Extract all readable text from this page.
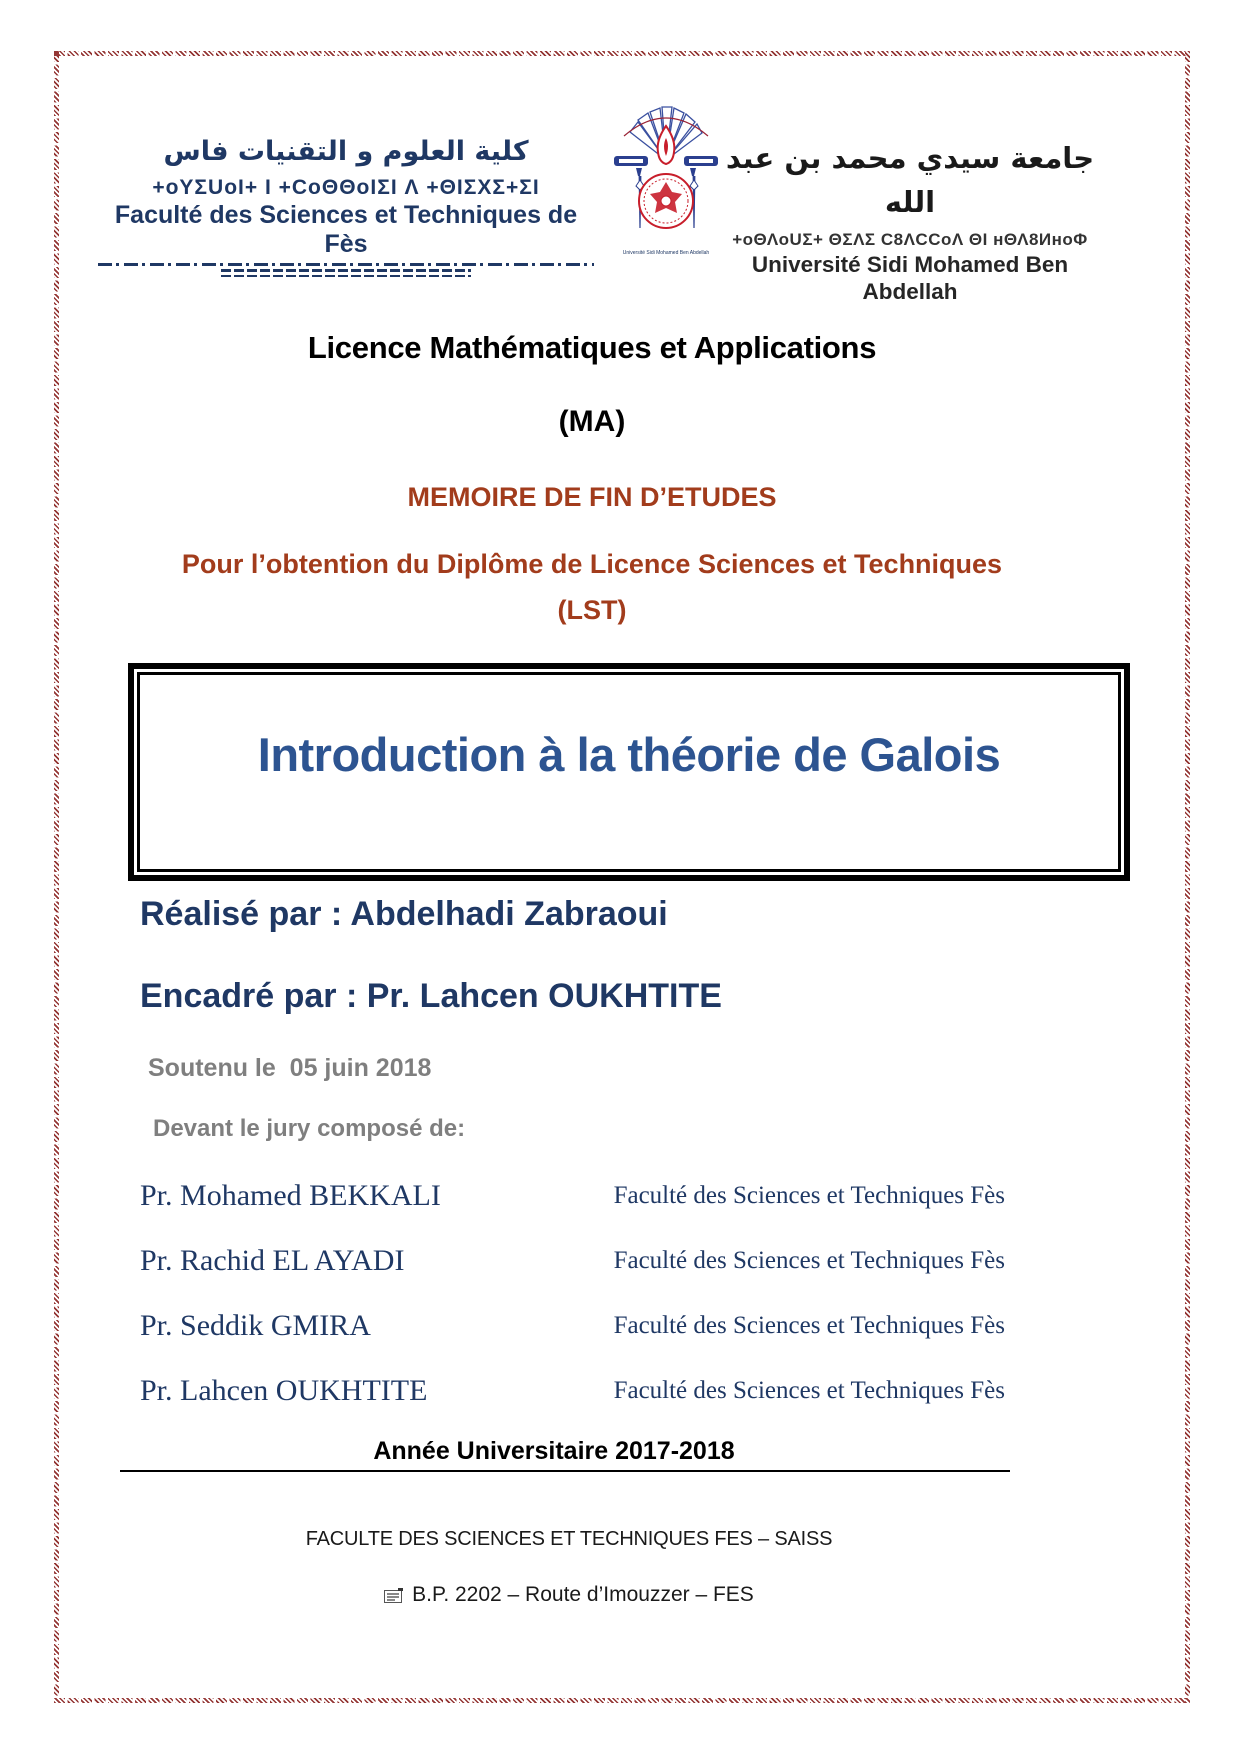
كلية العلوم و التقنيات فاس
+oYΣUoI+ I +CoΘΘoIΣI Λ +ΘIΣXΣ+ΣI
Faculté des Sciences et Techniques de Fès	Université Sidi Mohamed Ben Abdellah
جامعة سيدي محمد بن عبد الله
+oΘΛoUΣ+ ΘΣΛΣ C8ΛCCoΛ ΘI ʜΘΛ8ИʜoΦ
Université Sidi Mohamed Ben Abdellah
Licence Mathématiques et Applications
(MA)
MEMOIRE DE FIN D’ETUDES
Pour l’obtention du Diplôme de Licence Sciences et Techniques
(LST)
Introduction à la théorie de Galois
Réalisé par : Abdelhadi Zabraoui
Encadré par : Pr. Lahcen OUKHTITE
Soutenu le  05 juin 2018
Devant le jury composé de:
Pr. Mohamed BEKKALI	Faculté des Sciences et Techniques Fès
Pr. Rachid EL AYADI	Faculté des Sciences et Techniques Fès
Pr. Seddik GMIRA	Faculté des Sciences et Techniques Fès
Pr. Lahcen OUKHTITE	Faculté des Sciences et Techniques Fès
Année Universitaire 2017-2018
FACULTE DES SCIENCES ET TECHNIQUES FES – SAISS
B.P. 2202 – Route d’Imouzzer – FES
